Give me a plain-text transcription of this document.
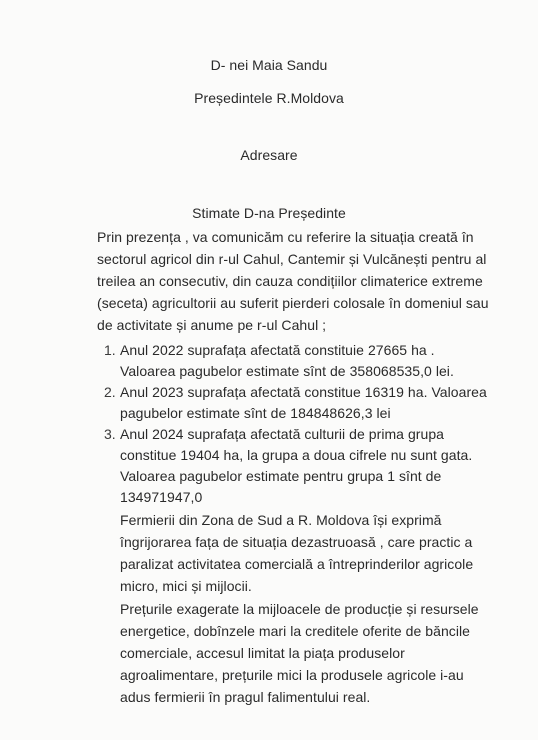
D- nei Maia Sandu
Președintele R.Moldova
Adresare
Stimate D-na Președinte
Prin prezența , va comunicăm cu referire la situația creată în
sectorul agricol din r-ul Cahul, Cantemir și Vulcănești pentru al
treilea an consecutiv, din cauza condițiilor climaterice extreme
(seceta) agricultorii au suferit pierderi colosale în domeniul sau
de activitate și anume pe r-ul Cahul ;
1. Anul 2022 suprafața afectată constituie 27665 ha .
Valoarea pagubelor estimate sînt de 358068535,0 lei.
2. Anul 2023 suprafața afectată constitue 16319 ha. Valoarea
pagubelor estimate sînt de 184848626,3 lei
3. Anul 2024 suprafața afectată culturii de prima grupa
constitue 19404 ha, la grupa a doua cifrele nu sunt gata.
Valoarea pagubelor estimate pentru grupa 1 sînt de
134971947,0
Fermierii din Zona de Sud a R. Moldova își exprimă
îngrijorarea fața de situația dezastruoasă , care practic a
paralizat activitatea comercială a întreprinderilor agricole
micro, mici și mijlocii.
Prețurile exagerate la mijloacele de producție și resursele
energetice, dobînzele mari la creditele oferite de băncile
comerciale, accesul limitat la piața produselor
agroalimentare, prețurile mici la produsele agricole i-au
adus fermierii în pragul falimentului real.
